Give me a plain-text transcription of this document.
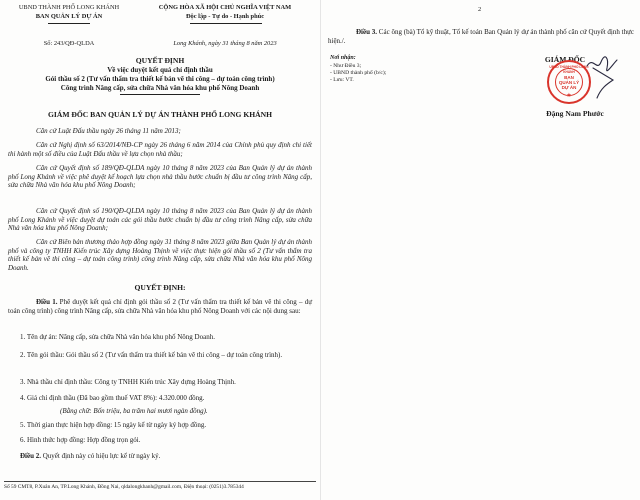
UBND THÀNH PHỐ LONG KHÁNH
BAN QUẢN LÝ DỰ ÁN
Số: 243/QĐ-QLDA
CỘNG HÒA XÃ HỘI CHỦ NGHĨA VIỆT NAM
Độc lập - Tự do - Hạnh phúc
Long Khánh, ngày 31 tháng 8 năm 2023
QUYẾT ĐỊNH
Về việc duyệt kết quả chỉ định thầu
Gói thầu số 2 (Tư vấn thẩm tra thiết kế bản vẽ thi công – dự toán công trình)
Công trình Nâng cấp, sửa chữa Nhà văn hóa khu phố Nông Doanh
GIÁM ĐỐC BAN QUẢN LÝ DỰ ÁN THÀNH PHỐ LONG KHÁNH
Căn cứ Luật Đấu thầu ngày 26 tháng 11 năm 2013;
Căn cứ Nghị định số 63/2014/NĐ-CP ngày 26 tháng 6 năm 2014 của Chính phủ quy định chi tiết thi hành một số điều của Luật Đấu thầu về lựa chọn nhà thầu;
Căn cứ Quyết định số 189/QĐ-QLDA ngày 10 tháng 8 năm 2023 của Ban Quản lý dự án thành phố Long Khánh về việc phê duyệt kế hoạch lựa chọn nhà thầu bước chuẩn bị đầu tư công trình Nâng cấp, sửa chữa Nhà văn hóa khu phố Nông Doanh;
Căn cứ Quyết định số 190/QĐ-QLDA ngày 10 tháng 8 năm 2023 của Ban Quản lý dự án thành phố Long Khánh về việc duyệt dự toán các gói thầu bước chuẩn bị đầu tư công trình Nâng cấp, sửa chữa Nhà văn hóa khu phố Nông Doanh;
Căn cứ Biên bản thương thảo hợp đồng ngày 31 tháng 8 năm 2023 giữa Ban Quản lý dự án thành phố và công ty TNHH Kiến trúc Xây dựng Hoàng Thịnh về việc thực hiện gói thầu số 2 (Tư vấn thẩm tra thiết kế bản vẽ thi công – dự toán công trình) công trình Nâng cấp, sửa chữa Nhà văn hóa khu phố Nông Doanh.
QUYẾT ĐỊNH:
Điều 1. Phê duyệt kết quả chỉ định gói thầu số 2 (Tư vấn thẩm tra thiết kế bản vẽ thi công – dự toán công trình) công trình Nâng cấp, sửa chữa Nhà văn hóa khu phố Nông Doanh với các nội dung sau:
1. Tên dự án: Nâng cấp, sửa chữa Nhà văn hóa khu phố Nông Doanh.
2. Tên gói thầu: Gói thầu số 2 (Tư vấn thẩm tra thiết kế bản vẽ thi công – dự toán công trình).
3. Nhà thầu chỉ định thầu: Công ty TNHH Kiến trúc Xây dựng Hoàng Thịnh.
4. Giá chỉ định thầu (Đã bao gồm thuế VAT 8%): 4.320.000 đồng.
(Bằng chữ: Bốn triệu, ba trăm hai mươi ngàn đồng).
5. Thời gian thực hiện hợp đồng: 15 ngày kể từ ngày ký hợp đồng.
6. Hình thức hợp đồng: Hợp đồng trọn gói.
Điều 2. Quyết định này có hiệu lực kể từ ngày ký.
Số 59 CMT8, P.Xuân An, TP.Long Khánh, Đồng Nai, qldalongkhanh@gmail.com, Điện thoại: (0251)3.785344
2
Điều 3. Các ông (bà) Tổ kỹ thuật, Tổ kế toán Ban Quản lý dự án thành phố căn cứ Quyết định thực hiện./.
Nơi nhận:
- Như Điều 3;
- UBND thành phố (b/c);
- Lưu: VT.
GIÁM ĐỐC
UBND THÀNH PHỐ LONG KHÁNH
BAN
QUẢN LÝ
DỰ ÁN
★
Đặng Nam Phước
